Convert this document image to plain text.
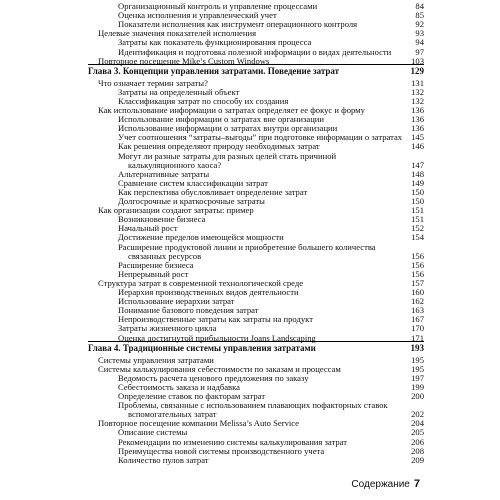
Организационный контроль и управление процессами	84
Оценка исполнения и управленческий учет	85
Показатели исполнения как инструмент операционного контроля	92
Целевые значения показателей исполнения	93
Затраты как показатель функционирования процесса	94
Идентификация и подготовка полезной информации о видах деятельности	97
Повторное посещение Mike’s Custom Windows	103
Глава 3. Концепции управления затратами. Поведение затрат	129
Что означает термин затраты?	131
Затраты на определенный объект	132
Классификация затрат по способу их создания	132
Как использование информации о затратах определяет ее фокус и форму	136
Использование информации о затратах вне организации	136
Использование информации о затратах внутри организации	136
Учет соотношения “затраты–выгоды” при подготовке информации о затратах 145
Как решения определяют природу необходимых затрат	146
Могут ли разные затраты для разных целей стать причиной
калькуляционного хаоса?	147
Альтернативные затраты	148
Сравнение систем классификации затрат	149
Как перспектива обусловливает определение затрат	150
Долгосрочные и краткосрочные затраты	150
Как организации создают затраты: пример	151
Возникновение бизнеса	151
Начальный рост	152
Достижение пределов имеющейся мощности	154
Расширение продуктовой линии и приобретение большего количества
связанных ресурсов	156
Расширение бизнеса	156
Непрерывный рост	156
Структура затрат в современной технологической среде	157
Иерархия производственных видов деятельности	160
Использование иерархии затрат	162
Понимание базового поведения затрат	163
Непроизводственные затраты как затраты на продукт	167
Затраты жизненного цикла	170
Оценка достигнутой прибыльности Joans Landscaping	171
Глава 4. Традиционные системы управления затратами	193
Системы управления затратами	195
Системы калькулирования себестоимости по заказам и процессам	195
Ведомость расчета ценового предложения по заказу	197
Себестоимость заказа и надбавка	199
Определение ставок по факторам затрат	200
Проблемы, связанные с использованием плавающих пофакторных ставок
вспомогательных затрат	202
Повторное посещение компании Melissa’s Auto Service	204
Описание системы	205
Рекомендации по изменению системы калькулирования затрат	206
Преимущества новой системы производственного учета	208
Количество пулов затрат	209
Содержание 7
